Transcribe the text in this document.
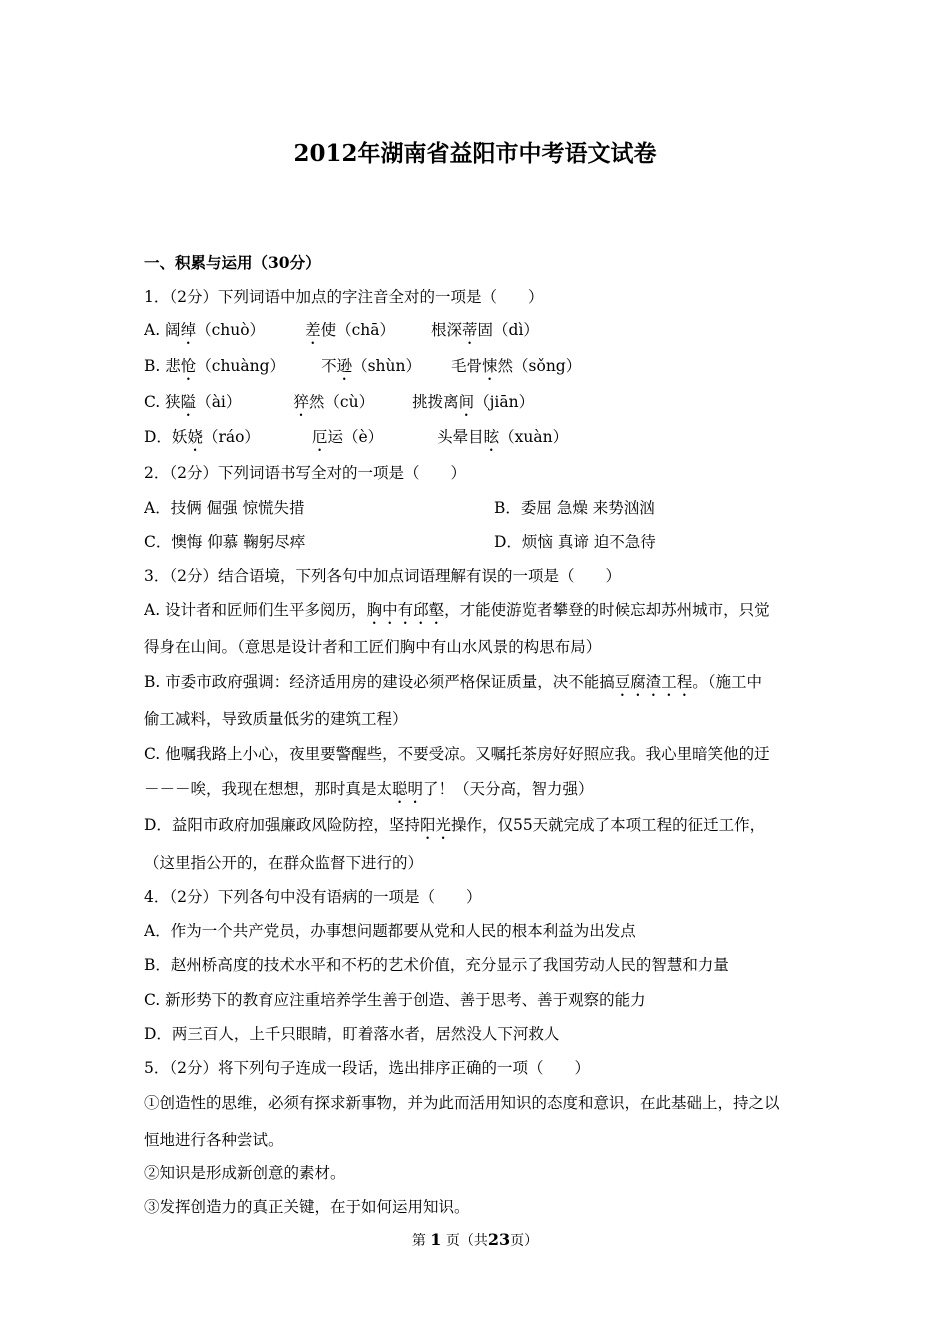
2012年湖南省益阳市中考语文试卷
一、积累与运用（30分）
1．（2分）下列词语中加点的字注音全对的一项是（　　）
A. 阔绰（chuò）	差使（chā） 根深蒂固（dì）
B. 悲怆（chuàng） 不逊（shùn） 毛骨悚然（sǒng）
C. 狭隘（ài）	猝然（cù） 挑拨离间（jiān）
D．妖娆（ráo）	厄运（è）	头晕目眩（xuàn）
2．（2分）下列词语书写全对的一项是（　　）
A．技俩 倔强 惊慌失措	B．委屈 急燥 来势汹汹
C．懊悔 仰慕 鞠躬尽瘁	D．烦恼 真谛 迫不急待
3．（2分）结合语境，下列各句中加点词语理解有误的一项是（　　）
A. 设计者和匠师们生平多阅历，胸中有邱壑，才能使游览者攀登的时候忘却苏州城市，只觉
得身在山间。（意思是设计者和工匠们胸中有山水风景的构思布局）
B. 市委市政府强调：经济适用房的建设必须严格保证质量，决不能搞豆腐渣工程。（施工中
偷工减料，导致质量低劣的建筑工程）
C. 他嘱我路上小心，夜里要警醒些，不要受凉。又嘱托茶房好好照应我。我心里暗笑他的迂
－－－唉，我现在想想，那时真是太聪明了！（天分高，智力强）
D．益阳市政府加强廉政风险防控，坚持阳光操作，仅55天就完成了本项工程的征迁工作，
（这里指公开的，在群众监督下进行的）
4．（2分）下列各句中没有语病的一项是（　　）
A．作为一个共产党员，办事想问题都要从党和人民的根本利益为出发点
B．赵州桥高度的技术水平和不朽的艺术价值，充分显示了我国劳动人民的智慧和力量
C. 新形势下的教育应注重培养学生善于创造、善于思考、善于观察的能力
D．两三百人，上千只眼睛，盯着落水者，居然没人下河救人
5．（2分）将下列句子连成一段话，选出排序正确的一项（　　）
①创造性的思维，必须有探求新事物，并为此而活用知识的态度和意识，在此基础上，持之以
恒地进行各种尝试。
②知识是形成新创意的素材。
③发挥创造力的真正关键，在于如何运用知识。
第 1 页（共23页）
